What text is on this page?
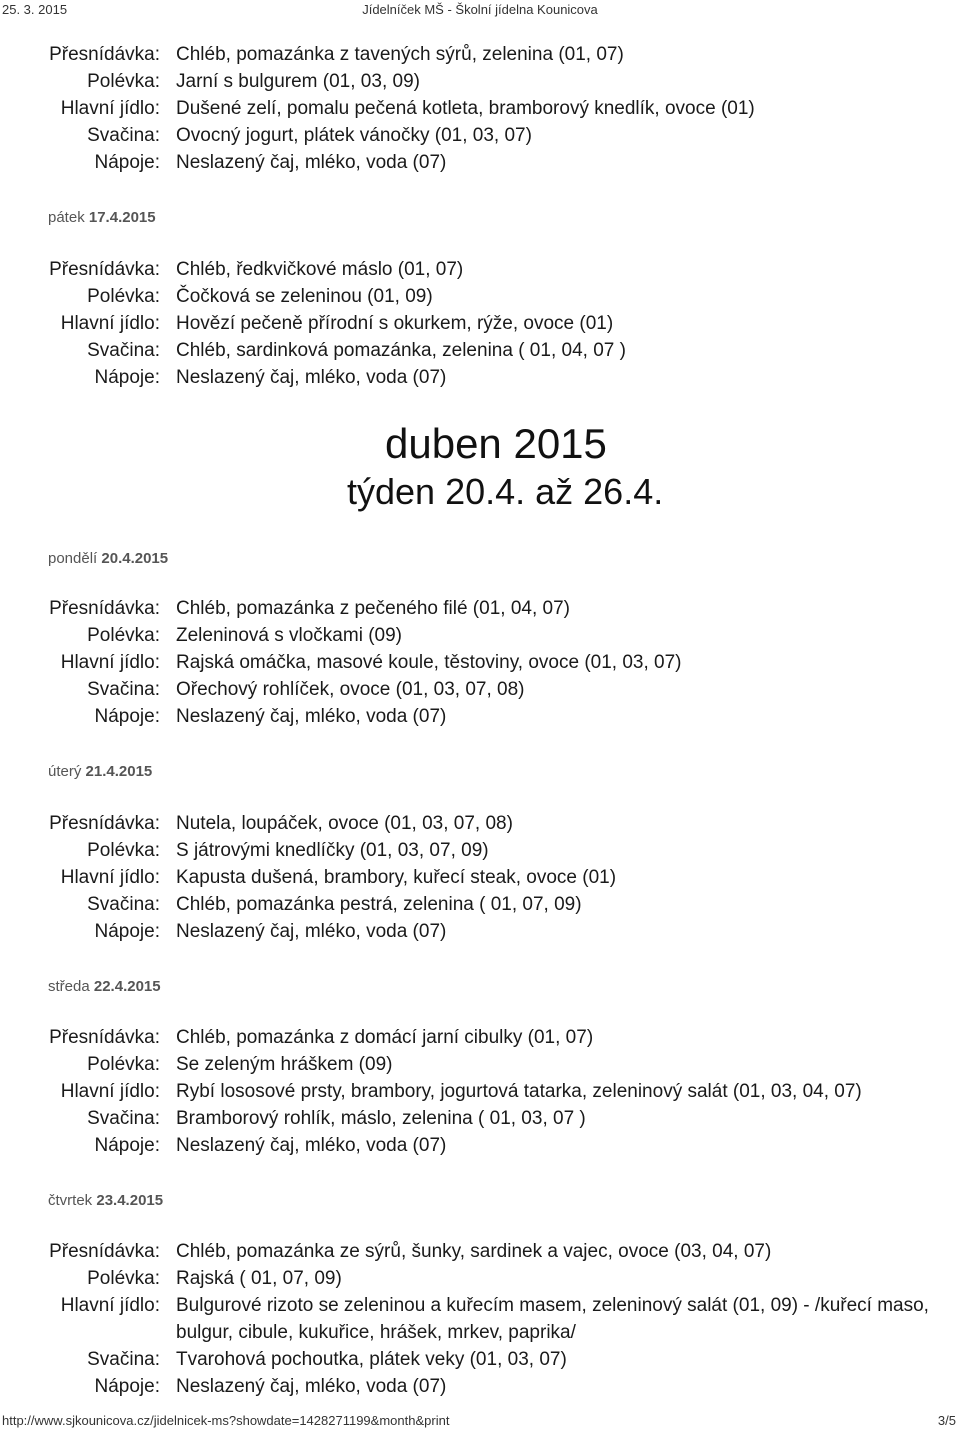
25. 3. 2015	Jídelníček MŠ - Školní jídelna Kounicova
Přesnídávka: Chléb, pomazánka z tavených sýrů, zelenina (01, 07)
Polévka: Jarní s bulgurem (01, 03, 09)
Hlavní jídlo: Dušené zelí, pomalu pečená kotleta, bramborový knedlík, ovoce (01)
Svačina: Ovocný jogurt, plátek vánočky (01, 03, 07)
Nápoje: Neslazený čaj, mléko, voda (07)
pátek 17.4.2015
Přesnídávka: Chléb, ředkvičkové máslo (01, 07)
Polévka: Čočková se zeleninou (01, 09)
Hlavní jídlo: Hovězí pečeně přírodní s okurkem, rýže, ovoce (01)
Svačina: Chléb, sardinková pomazánka, zelenina ( 01, 04, 07 )
Nápoje: Neslazený čaj, mléko, voda (07)
duben 2015
týden 20.4. až 26.4.
pondělí 20.4.2015
Přesnídávka: Chléb, pomazánka z pečeného filé (01, 04, 07)
Polévka: Zeleninová s vločkami (09)
Hlavní jídlo: Rajská omáčka, masové koule, těstoviny, ovoce (01, 03, 07)
Svačina: Ořechový rohlíček, ovoce (01, 03, 07, 08)
Nápoje: Neslazený čaj, mléko, voda (07)
úterý 21.4.2015
Přesnídávka: Nutela, loupáček, ovoce (01, 03, 07, 08)
Polévka: S játrovými knedlíčky (01, 03, 07, 09)
Hlavní jídlo: Kapusta dušená, brambory, kuřecí steak, ovoce (01)
Svačina: Chléb, pomazánka pestrá, zelenina ( 01, 07, 09)
Nápoje: Neslazený čaj, mléko, voda (07)
středa 22.4.2015
Přesnídávka: Chléb, pomazánka z domácí jarní cibulky (01, 07)
Polévka: Se zeleným hráškem (09)
Hlavní jídlo: Rybí lososové prsty, brambory, jogurtová tatarka, zeleninový salát (01, 03, 04, 07)
Svačina: Bramborový rohlík, máslo, zelenina ( 01, 03, 07 )
Nápoje: Neslazený čaj, mléko, voda (07)
čtvrtek 23.4.2015
Přesnídávka: Chléb, pomazánka ze sýrů, šunky, sardinek a vajec, ovoce (03, 04, 07)
Polévka: Rajská ( 01, 07, 09)
Hlavní jídlo: Bulgurové rizoto se zeleninou a kuřecím masem, zeleninový salát (01, 09) - /kuřecí maso, bulgur, cibule, kukuřice, hrášek, mrkev, paprika/
Svačina: Tvarohová pochoutka, plátek veky (01, 03, 07)
Nápoje: Neslazený čaj, mléko, voda (07)
http://www.sjkounicova.cz/jidelnicek-ms?showdate=1428271199&month&print	3/5
